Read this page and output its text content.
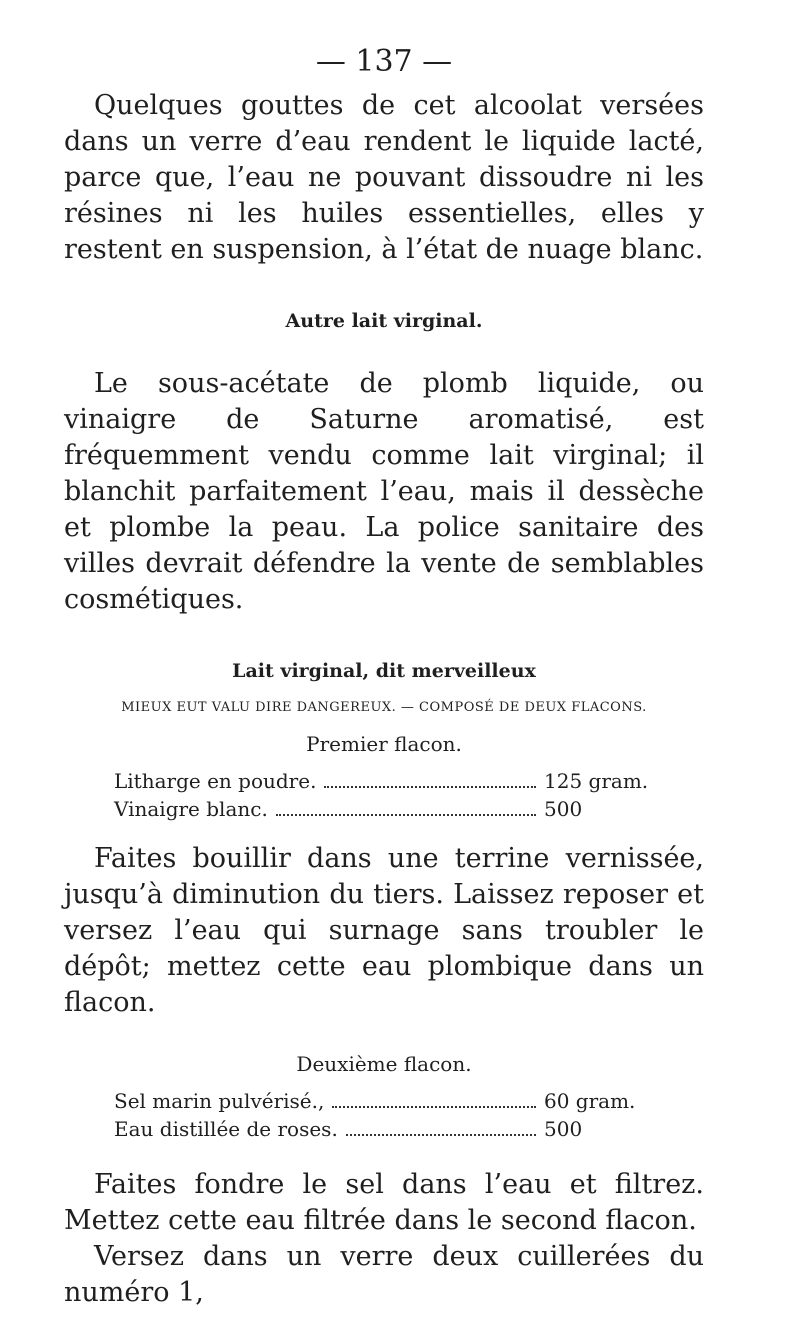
— 137 —

Quelques gouttes de cet alcoolat versées dans un verre d’eau rendent le liquide lacté, parce que, l’eau ne pouvant dissoudre ni les résines ni les huiles essentielles, elles y restent en suspension, à l’état de nuage blanc.

Autre lait virginal.

Le sous-acétate de plomb liquide, ou vinaigre de Saturne aromatisé, est fréquemment vendu comme lait virginal; il blanchit parfaitement l’eau, mais il dessèche et plombe la peau. La police sanitaire des villes devrait défendre la vente de semblables cosmétiques.

Lait virginal, dit merveilleux
MIEUX EUT VALU DIRE DANGEREUX. — COMPOSÉ DE DEUX FLACONS.
Premier flacon.
Litharge en poudre.	125 gram.
Vinaigre blanc.	500

Faites bouillir dans une terrine vernissée, jusqu’à diminution du tiers. Laissez reposer et versez l’eau qui surnage sans troubler le dépôt; mettez cette eau plombique dans un flacon.

Deuxième flacon.
Sel marin pulvérisé.,	60 gram.
Eau distillée de roses.	500

Faites fondre le sel dans l’eau et filtrez. Mettez cette eau filtrée dans le second flacon.

Versez dans un verre deux cuillerées du numéro 1,
